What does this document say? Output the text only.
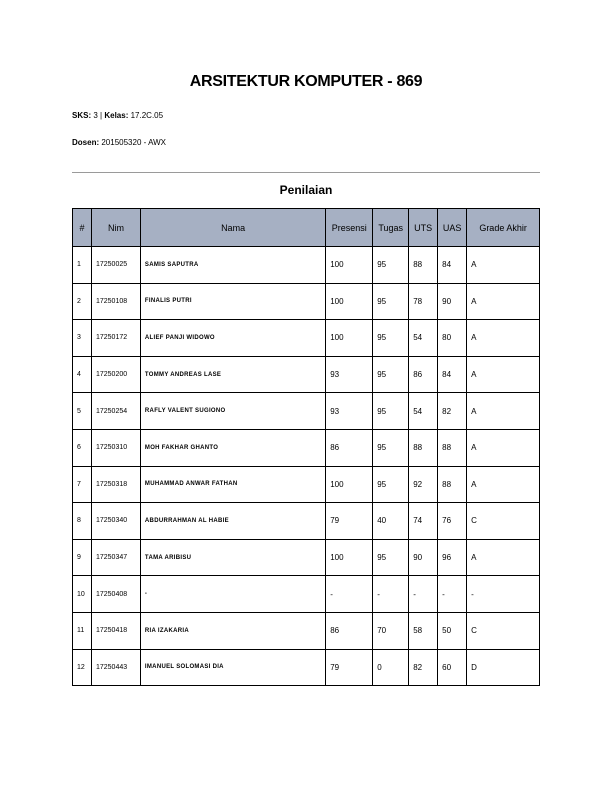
ARSITEKTUR KOMPUTER - 869
SKS: 3 | Kelas: 17.2C.05
Dosen: 201505320 - AWX
Penilaian
#	Nim	Nama	Presensi	Tugas	UTS	UAS	Grade Akhir
1	17250025	SAMIS SAPUTRA	100	95	88	84	A
2	17250108	FINALIS PUTRI	100	95	78	90	A
3	17250172	ALIEF PANJI WIDOWO	100	95	54	80	A
4	17250200	TOMMY ANDREAS LASE	93	95	86	84	A
5	17250254	RAFLY VALENT SUGIONO	93	95	54	82	A
6	17250310	MOH FAKHAR GHANTO	86	95	88	88	A
7	17250318	MUHAMMAD ANWAR FATHAN	100	95	92	88	A
8	17250340	ABDURRAHMAN AL HABIE	79	40	74	76	C
9	17250347	TAMA ARIBISU	100	95	90	96	A
10	17250408	-	-	-	-	-	-
11	17250418	RIA IZAKARIA	86	70	58	50	C
12	17250443	IMANUEL SOLOMASI DIA	79	0	82	60	D
